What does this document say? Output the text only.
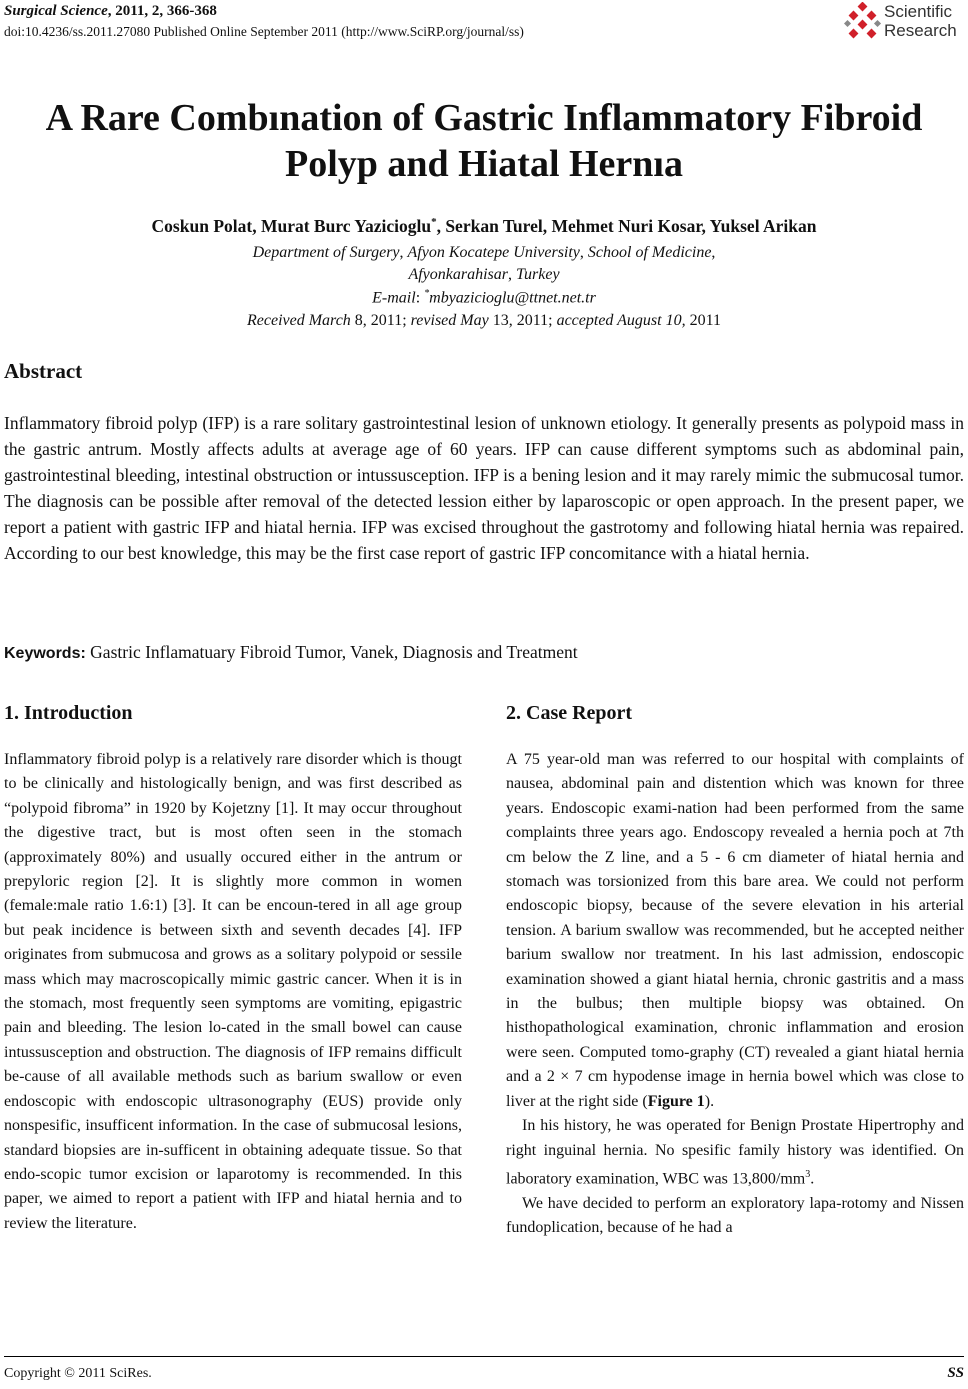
Surgical Science, 2011, 2, 366-368
doi:10.4236/ss.2011.27080 Published Online September 2011 (http://www.SciRP.org/journal/ss)
Scientific
Research
A Rare Combınation of Gastric Inflammatory Fibroid Polyp and Hiatal Hernıa
Coskun Polat, Murat Burc Yazicioglu*, Serkan Turel, Mehmet Nuri Kosar, Yuksel Arikan
Department of Surgery, Afyon Kocatepe University, School of Medicine,
Afyonkarahisar, Turkey
E-mail: *mbyazicioglu@ttnet.net.tr
Received March 8, 2011; revised May 13, 2011; accepted August 10, 2011
Abstract
Inflammatory fibroid polyp (IFP) is a rare solitary gastrointestinal lesion of unknown etiology. It generally presents as polypoid mass in the gastric antrum. Mostly affects adults at average age of 60 years. IFP can cause different symptoms such as abdominal pain, gastrointestinal bleeding, intestinal obstruction or intussusception. IFP is a bening lesion and it may rarely mimic the submucosal tumor. The diagnosis can be possible after removal of the detected lession either by laparoscopic or open approach. In the present paper, we report a patient with gastric IFP and hiatal hernia. IFP was excised throughout the gastrotomy and following hiatal hernia was repaired. According to our best knowledge, this may be the first case report of gastric IFP concomitance with a hiatal hernia.
Keywords: Gastric Inflamatuary Fibroid Tumor, Vanek, Diagnosis and Treatment
1. Introduction

Inflammatory fibroid polyp is a relatively rare disorder which is thougt to be clinically and histologically benign, and was first described as “polypoid fibroma” in 1920 by Kojetzny [1]. It may occur throughout the digestive tract, but is most often seen in the stomach (approximately 80%) and usually occured either in the antrum or prepyloric region [2]. It is slightly more common in women (female:male ratio 1.6:1) [3]. It can be encoun-tered in all age group but peak incidence is between sixth and seventh decades [4]. IFP originates from submucosa and grows as a solitary polypoid or sessile mass which may macroscopically mimic gastric cancer. When it is in the stomach, most frequently seen symptoms are vomiting, epigastric pain and bleeding. The lesion lo-cated in the small bowel can cause intussusception and obstruction. The diagnosis of IFP remains difficult be-cause of all available methods such as barium swallow or even endoscopic with endoscopic ultrasonography (EUS) provide only nonspesific, insufficent information. In the case of submucosal lesions, standard biopsies are in-sufficent in obtaining adequate tissue. So that endo-scopic tumor excision or laparotomy is recommended. In this paper, we aimed to report a patient with IFP and hiatal hernia and to review the literature.

2. Case Report

A 75 year-old man was referred to our hospital with complaints of nausea, abdominal pain and distention which was known for three years. Endoscopic exami-nation had been performed from the same complaints three years ago. Endoscopy revealed a hernia poch at 7th cm below the Z line, and a 5 - 6 cm diameter of hiatal hernia and stomach was torsionized from this bare area. We could not perform endoscopic biopsy, because of the severe elevation in his arterial tension. A barium swallow was recommended, but he accepted neither barium swallow nor treatment. In his last admission, endoscopic examination showed a giant hiatal hernia, chronic gastritis and a mass in the bulbus; then multiple biopsy was obtained. On histhopathological examination, chronic inflammation and erosion were seen. Computed tomo-graphy (CT) revealed a giant hiatal hernia and a 2 × 7 cm hypodense image in hernia bowel which was close to liver at the right side (Figure 1).

In his history, he was operated for Benign Prostate Hipertrophy and right inguinal hernia. No spesific family history was identified. On laboratory examination, WBC was $13,800/mm^3$.

We have decided to perform an exploratory lapa-rotomy and Nissen fundoplication, because of he had a

Copyright © 2011 SciRes.	SS
